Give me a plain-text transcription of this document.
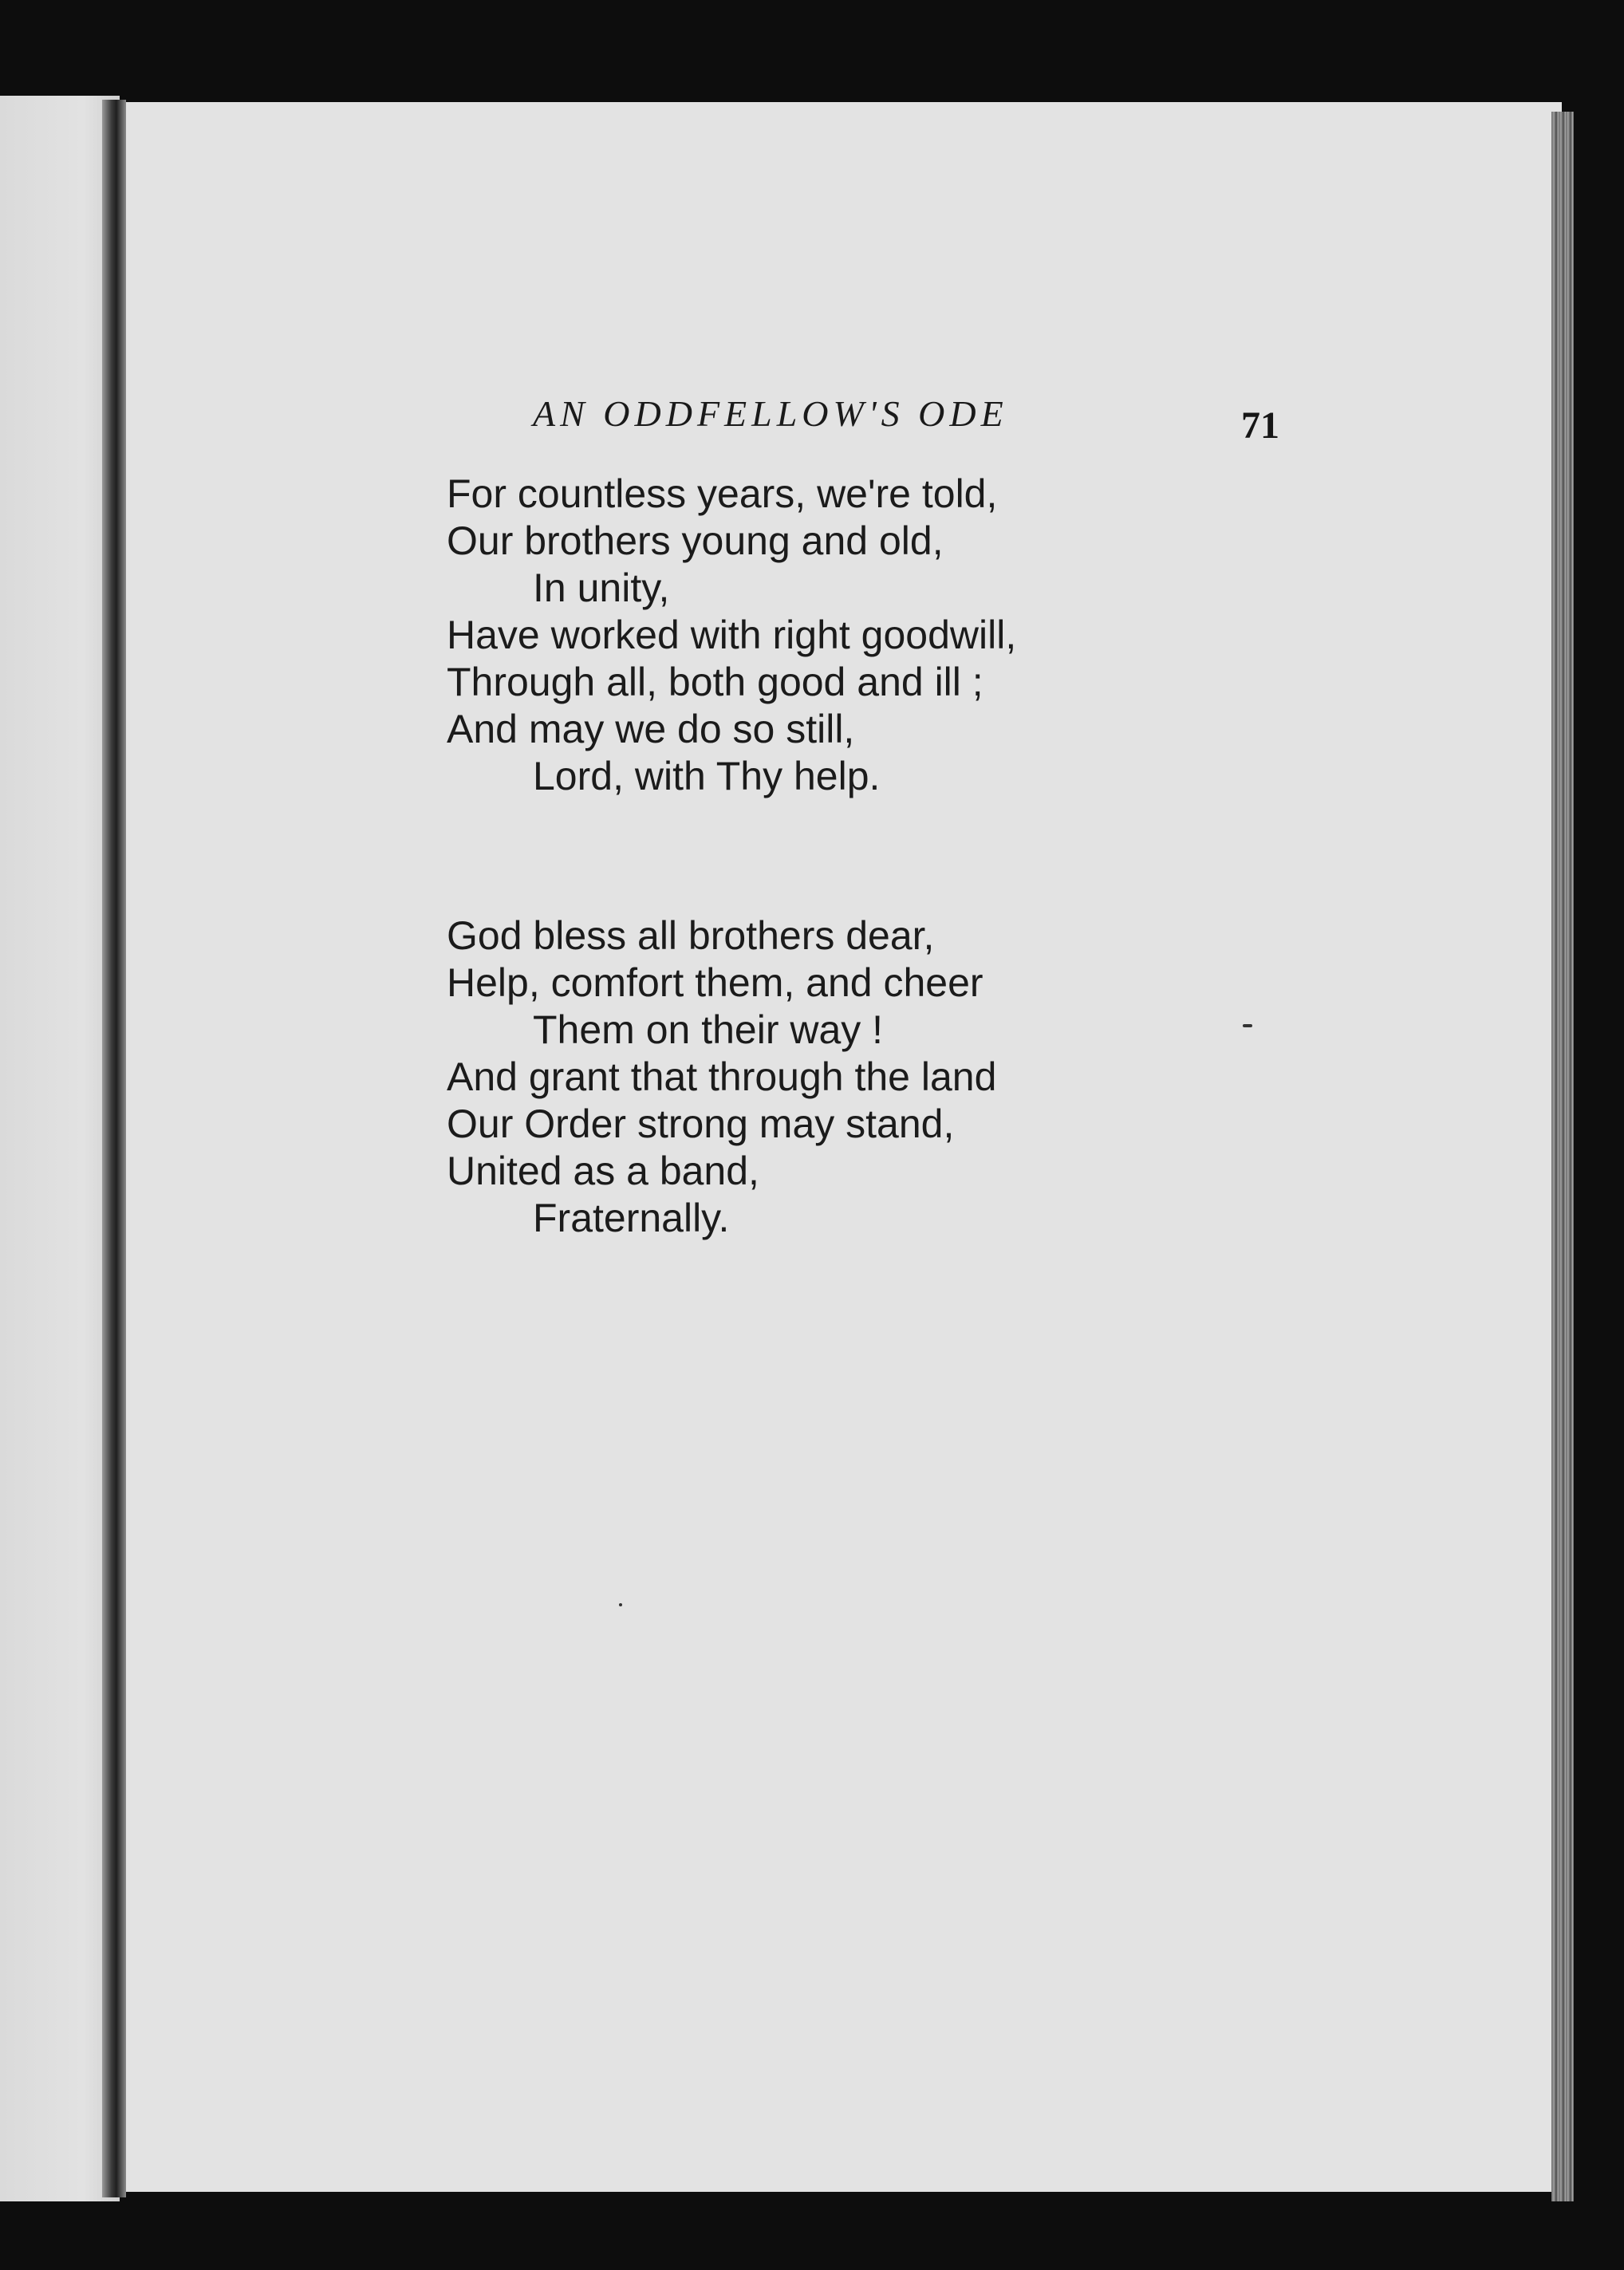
AN ODDFELLOW'S ODE	71
For countless years, we're told,
Our brothers young and old,
In unity,
Have worked with right goodwill,
Through all, both good and ill ;
And may we do so still,
Lord, with Thy help.
God bless all brothers dear,
Help, comfort them, and cheer
Them on their way !
And grant that through the land
Our Order strong may stand,
United as a band,
Fraternally.
